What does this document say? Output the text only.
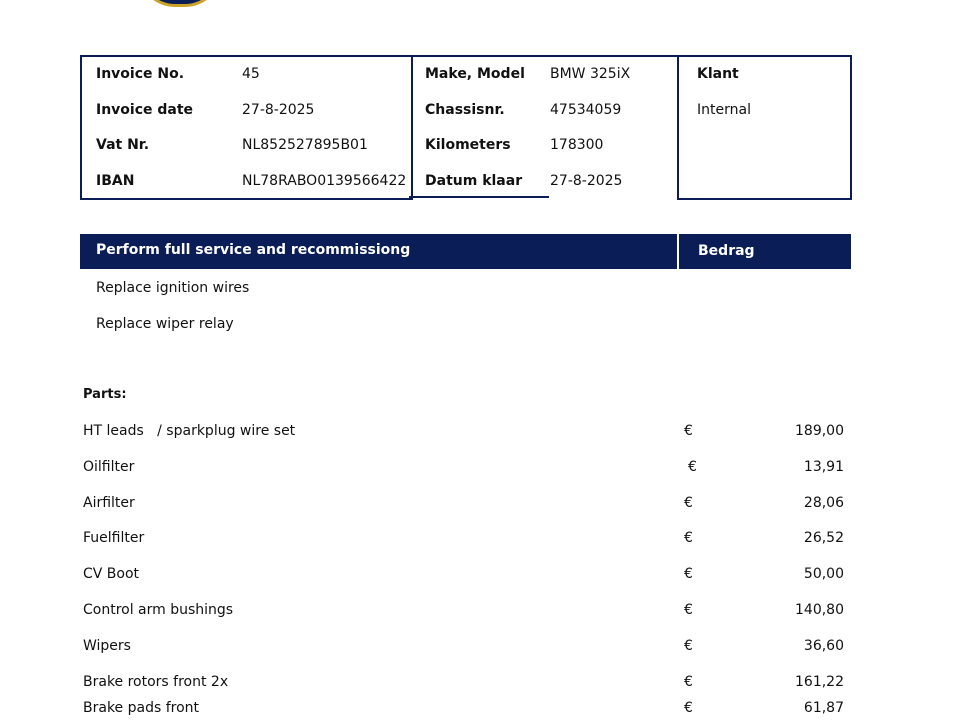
Invoice No.	45
Invoice date	27-8-2025
Vat Nr.	NL852527895B01
IBAN	NL78RABO0139566422
Make, Model BMW 325iX
Chassisnr.	47534059
Kilometers	178300
Datum klaar 27-8-2025
Klant
Internal
Perform full service and recommissiong	Bedrag
Replace ignition wires
Replace wiper relay
Parts:
HT leads   / sparkplug wire set	€	189,00
Oilfilter	€	13,91
Airfilter	€	28,06
Fuelfilter	€	26,52
CV Boot	€	50,00
Control arm bushings	€	140,80
Wipers	€	36,60
Brake rotors front 2x	€	161,22
Brake pads front	€	61,87
